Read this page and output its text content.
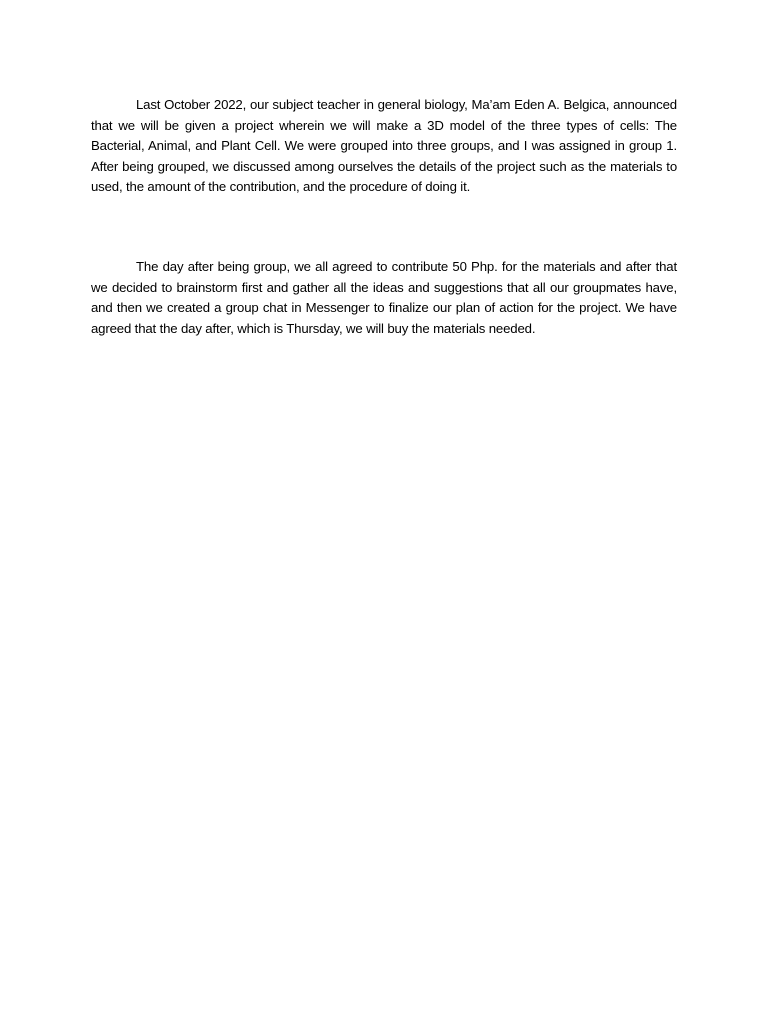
Last October 2022, our subject teacher in general biology, Ma’am Eden A. Belgica, announced that we will be given a project wherein we will make a 3D model of the three types of cells: The Bacterial, Animal, and Plant Cell. We were grouped into three groups, and I was assigned in group 1. After being grouped, we discussed among ourselves the details of the project such as the materials to used, the amount of the contribution, and the procedure of doing it.

The day after being group, we all agreed to contribute 50 Php. for the materials and after that we decided to brainstorm first and gather all the ideas and suggestions that all our groupmates have, and then we created a group chat in Messenger to finalize our plan of action for the project. We have agreed that the day after, which is Thursday, we will buy the materials needed.
